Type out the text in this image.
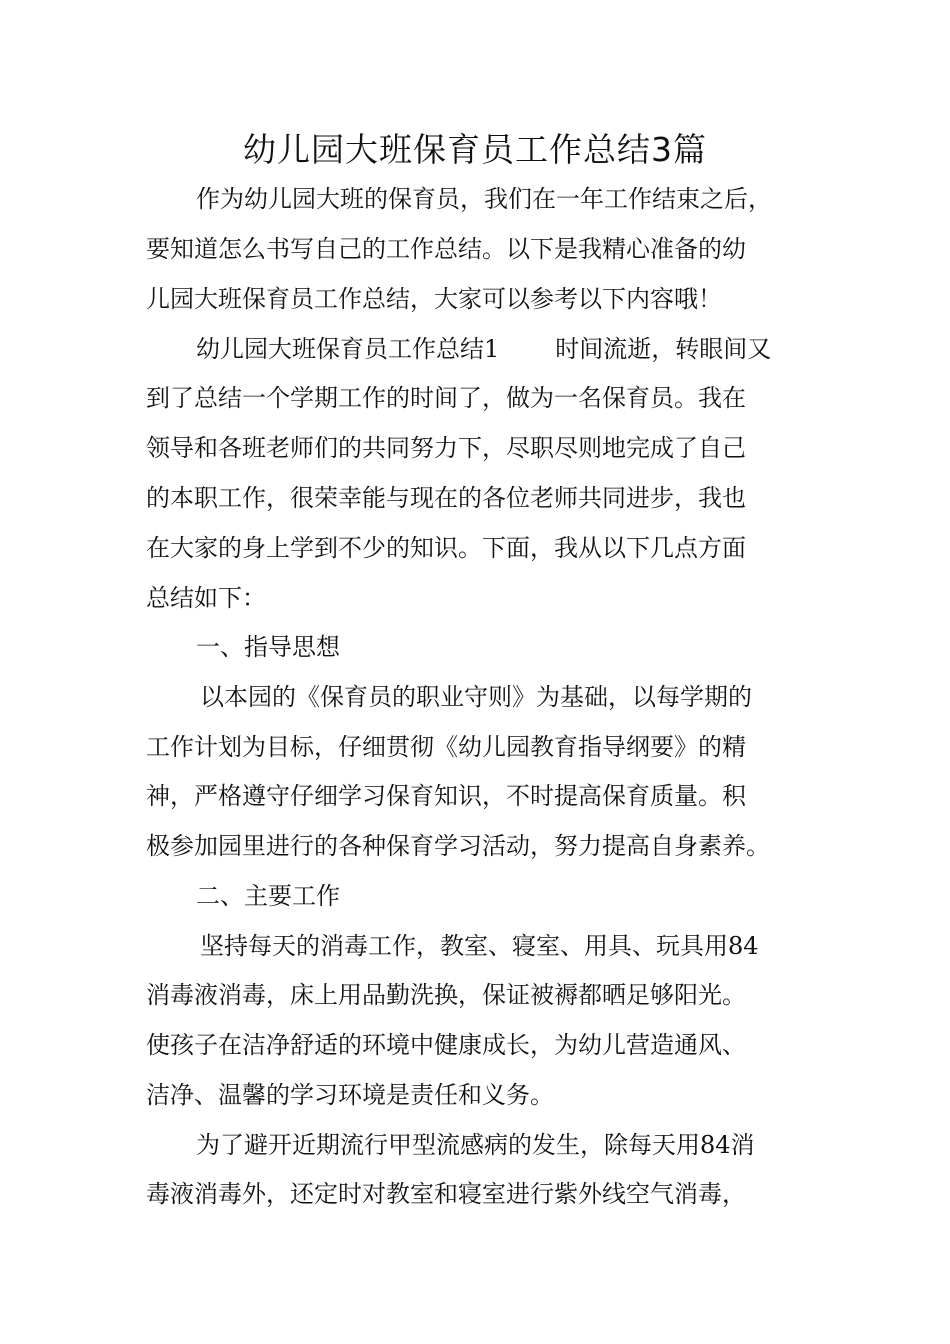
幼儿园大班保育员工作总结3篇
作为幼儿园大班的保育员，我们在一年工作结束之后，
要知道怎么书写自己的工作总结。以下是我精心准备的幼
儿园大班保育员工作总结，大家可以参考以下内容哦！
幼儿园大班保育员工作总结1 时间流逝，转眼间又
到了总结一个学期工作的时间了，做为一名保育员。我在
领导和各班老师们的共同努力下，尽职尽则地完成了自己
的本职工作，很荣幸能与现在的各位老师共同进步，我也
在大家的身上学到不少的知识。下面，我从以下几点方面
总结如下：
一、指导思想
以本园的《保育员的职业守则》为基础，以每学期的
工作计划为目标，仔细贯彻《幼儿园教育指导纲要》的精
神，严格遵守仔细学习保育知识，不时提高保育质量。积
极参加园里进行的各种保育学习活动，努力提高自身素养。
二、主要工作
坚持每天的消毒工作，教室、寝室、用具、玩具用84
消毒液消毒，床上用品勤洗换，保证被褥都晒足够阳光。
使孩子在洁净舒适的环境中健康成长，为幼儿营造通风、
洁净、温馨的学习环境是责任和义务。
为了避开近期流行甲型流感病的发生，除每天用84消
毒液消毒外，还定时对教室和寝室进行紫外线空气消毒，
